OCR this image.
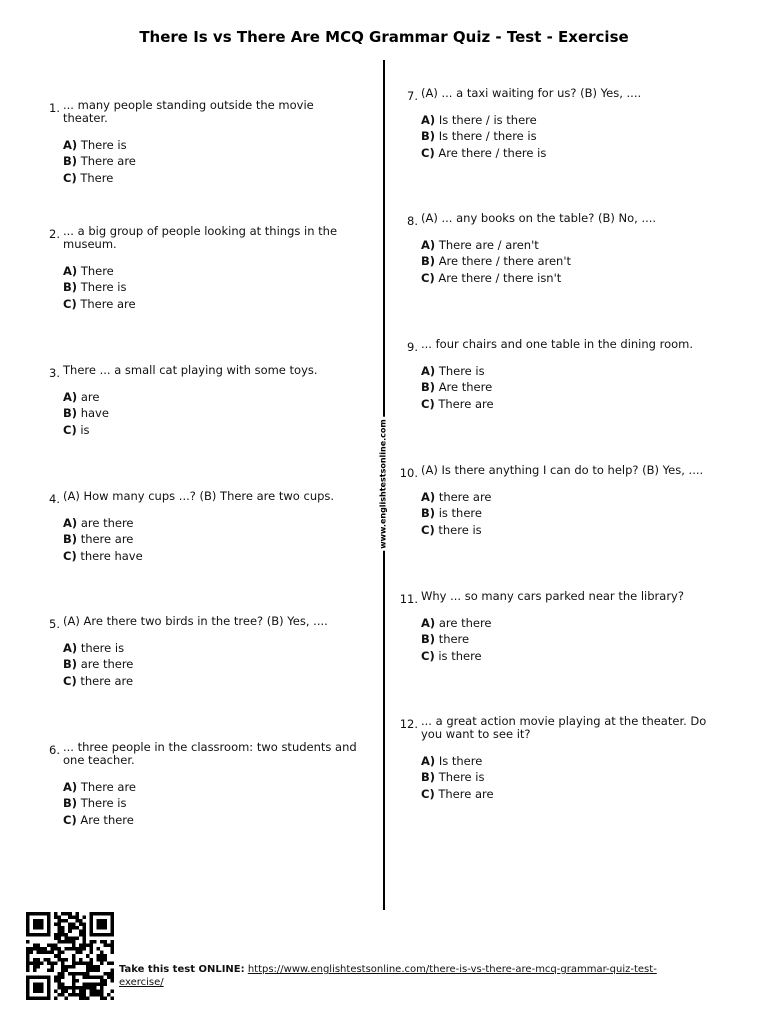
There Is vs There Are MCQ Grammar Quiz - Test - Exercise
www.englishtestsonline.com
1. ... many people standing outside the movie theater.
A) There is
B) There are
C) There
2. ... a big group of people looking at things in the museum.
A) There
B) There is
C) There are
3. There ... a small cat playing with some toys.
A) are
B) have
C) is
4. (A) How many cups ...? (B) There are two cups.
A) are there
B) there are
C) there have
5. (A) Are there two birds in the tree? (B) Yes, ....
A) there is
B) are there
C) there are
6. ... three people in the classroom: two students and one teacher.
A) There are
B) There is
C) Are there
7. (A) ... a taxi waiting for us? (B) Yes, ....
A) Is there / is there
B) Is there / there is
C) Are there / there is
8. (A) ... any books on the table? (B) No, ....
A) There are / aren't
B) Are there / there aren't
C) Are there / there isn't
9. ... four chairs and one table in the dining room.
A) There is
B) Are there
C) There are
10. (A) Is there anything I can do to help? (B) Yes, ....
A) there are
B) is there
C) there is
11. Why ... so many cars parked near the library?
A) are there
B) there
C) is there
12. ... a great action movie playing at the theater. Do you want to see it?
A) Is there
B) There is
C) There are
Take this test ONLINE: https://www.englishtestsonline.com/there-is-vs-there-are-mcq-grammar-quiz-test-exercise/
